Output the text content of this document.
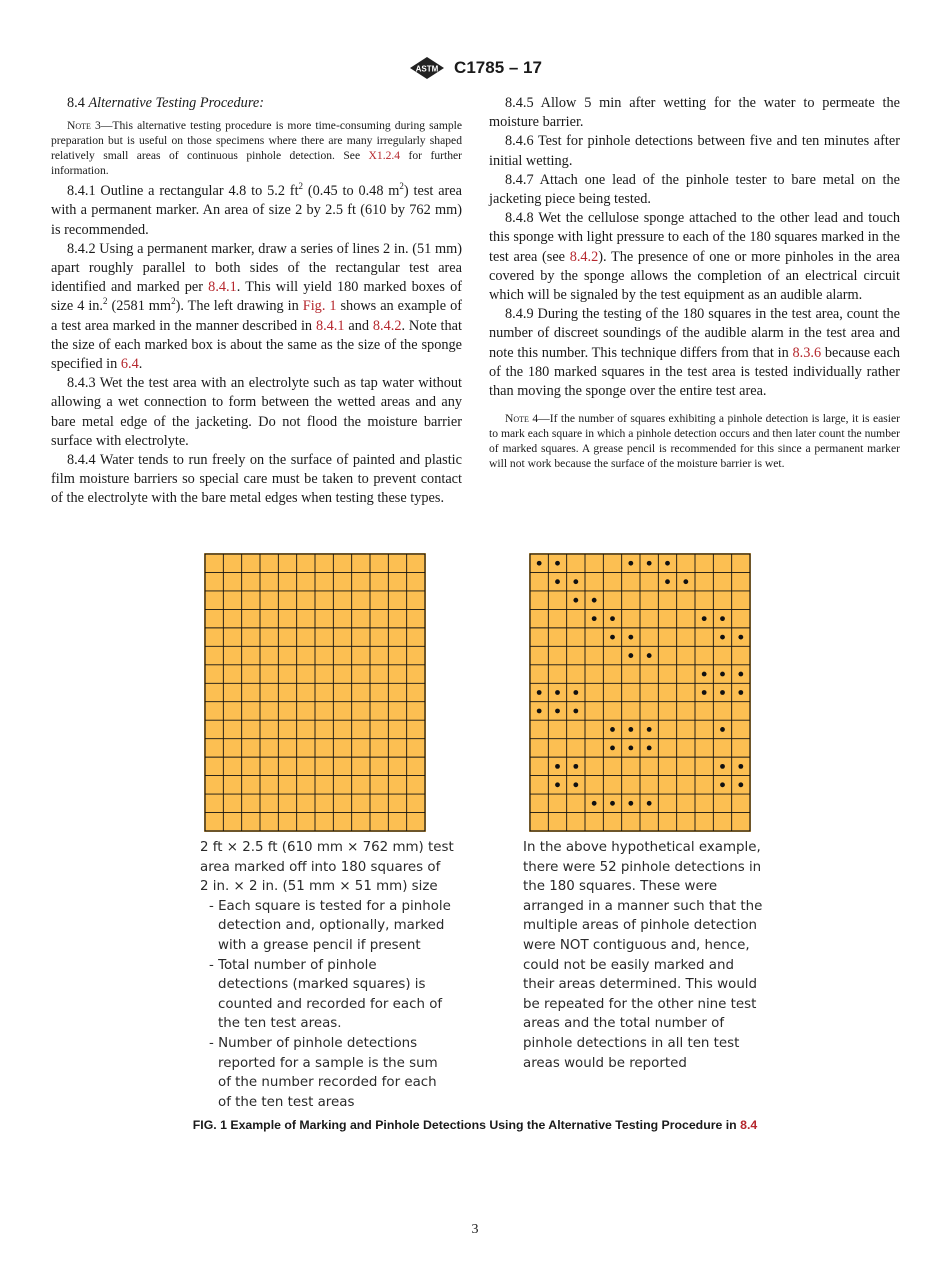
ASTM C1785 – 17

8.4 Alternative Testing Procedure:

Note 3—This alternative testing procedure is more time-consuming during sample preparation but is useful on those specimens where there are many irregularly shaped relatively small areas of continuous pinhole detection. See X1.2.4 for further information.

8.4.1 Outline a rectangular 4.8 to 5.2 $ft^2$ (0.45 to 0.48 $m^2$) test area with a permanent marker. An area of size 2 by 2.5 ft (610 by 762 mm) is recommended.

8.4.2 Using a permanent marker, draw a series of lines 2 in. (51 mm) apart roughly parallel to both sides of the rectangular test area identified and marked per 8.4.1. This will yield 180 marked boxes of size 4 in.$^2$ (2581 $mm^2$). The left drawing in Fig. 1 shows an example of a test area marked in the manner described in 8.4.1 and 8.4.2. Note that the size of each marked box is about the same as the size of the sponge specified in 6.4.

8.4.3 Wet the test area with an electrolyte such as tap water without allowing a wet connection to form between the wetted areas and any bare metal edge of the jacketing. Do not flood the moisture barrier surface with electrolyte.

8.4.4 Water tends to run freely on the surface of painted and plastic film moisture barriers so special care must be taken to prevent contact of the electrolyte with the bare metal edges when testing these types.

8.4.5 Allow 5 min after wetting for the water to permeate the moisture barrier.

8.4.6 Test for pinhole detections between five and ten minutes after initial wetting.

8.4.7 Attach one lead of the pinhole tester to bare metal on the jacketing piece being tested.

8.4.8 Wet the cellulose sponge attached to the other lead and touch this sponge with light pressure to each of the 180 squares marked in the test area (see 8.4.2). The presence of one or more pinholes in the area covered by the sponge allows the completion of an electrical circuit which will be signaled by the test equipment as an audible alarm.

8.4.9 During the testing of the 180 squares in the test area, count the number of discreet soundings of the audible alarm in the test area and note this number. This technique differs from that in 8.3.6 because each of the 180 marked squares in the test area is tested individually rather than moving the sponge over the entire test area.

Note 4—If the number of squares exhibiting a pinhole detection is large, it is easier to mark each square in which a pinhole detection occurs and then later count the number of marked squares. A grease pencil is recommended for this since a permanent marker will not work because the surface of the moisture barrier is wet.
2 ft × 2.5 ft (610 mm × 762 mm) test
area marked off into 180 squares of
2 in. × 2 in. (51 mm × 51 mm) size
- Each square is tested for a pinhole
detection and, optionally, marked
with a grease pencil if present
- Total number of pinhole
detections (marked squares) is
counted and recorded for each of
the ten test areas.
- Number of pinhole detections
reported for a sample is the sum
of the number recorded for each
of the ten test areas
In the above hypothetical example,
there were 52 pinhole detections in
the 180 squares. These were
arranged in a manner such that the
multiple areas of pinhole detection
were NOT contiguous and, hence,
could not be easily marked and
their areas determined. This would
be repeated for the other nine test
areas and the total number of
pinhole detections in all ten test
areas would be reported
FIG. 1 Example of Marking and Pinhole Detections Using the Alternative Testing Procedure in 8.4
3
